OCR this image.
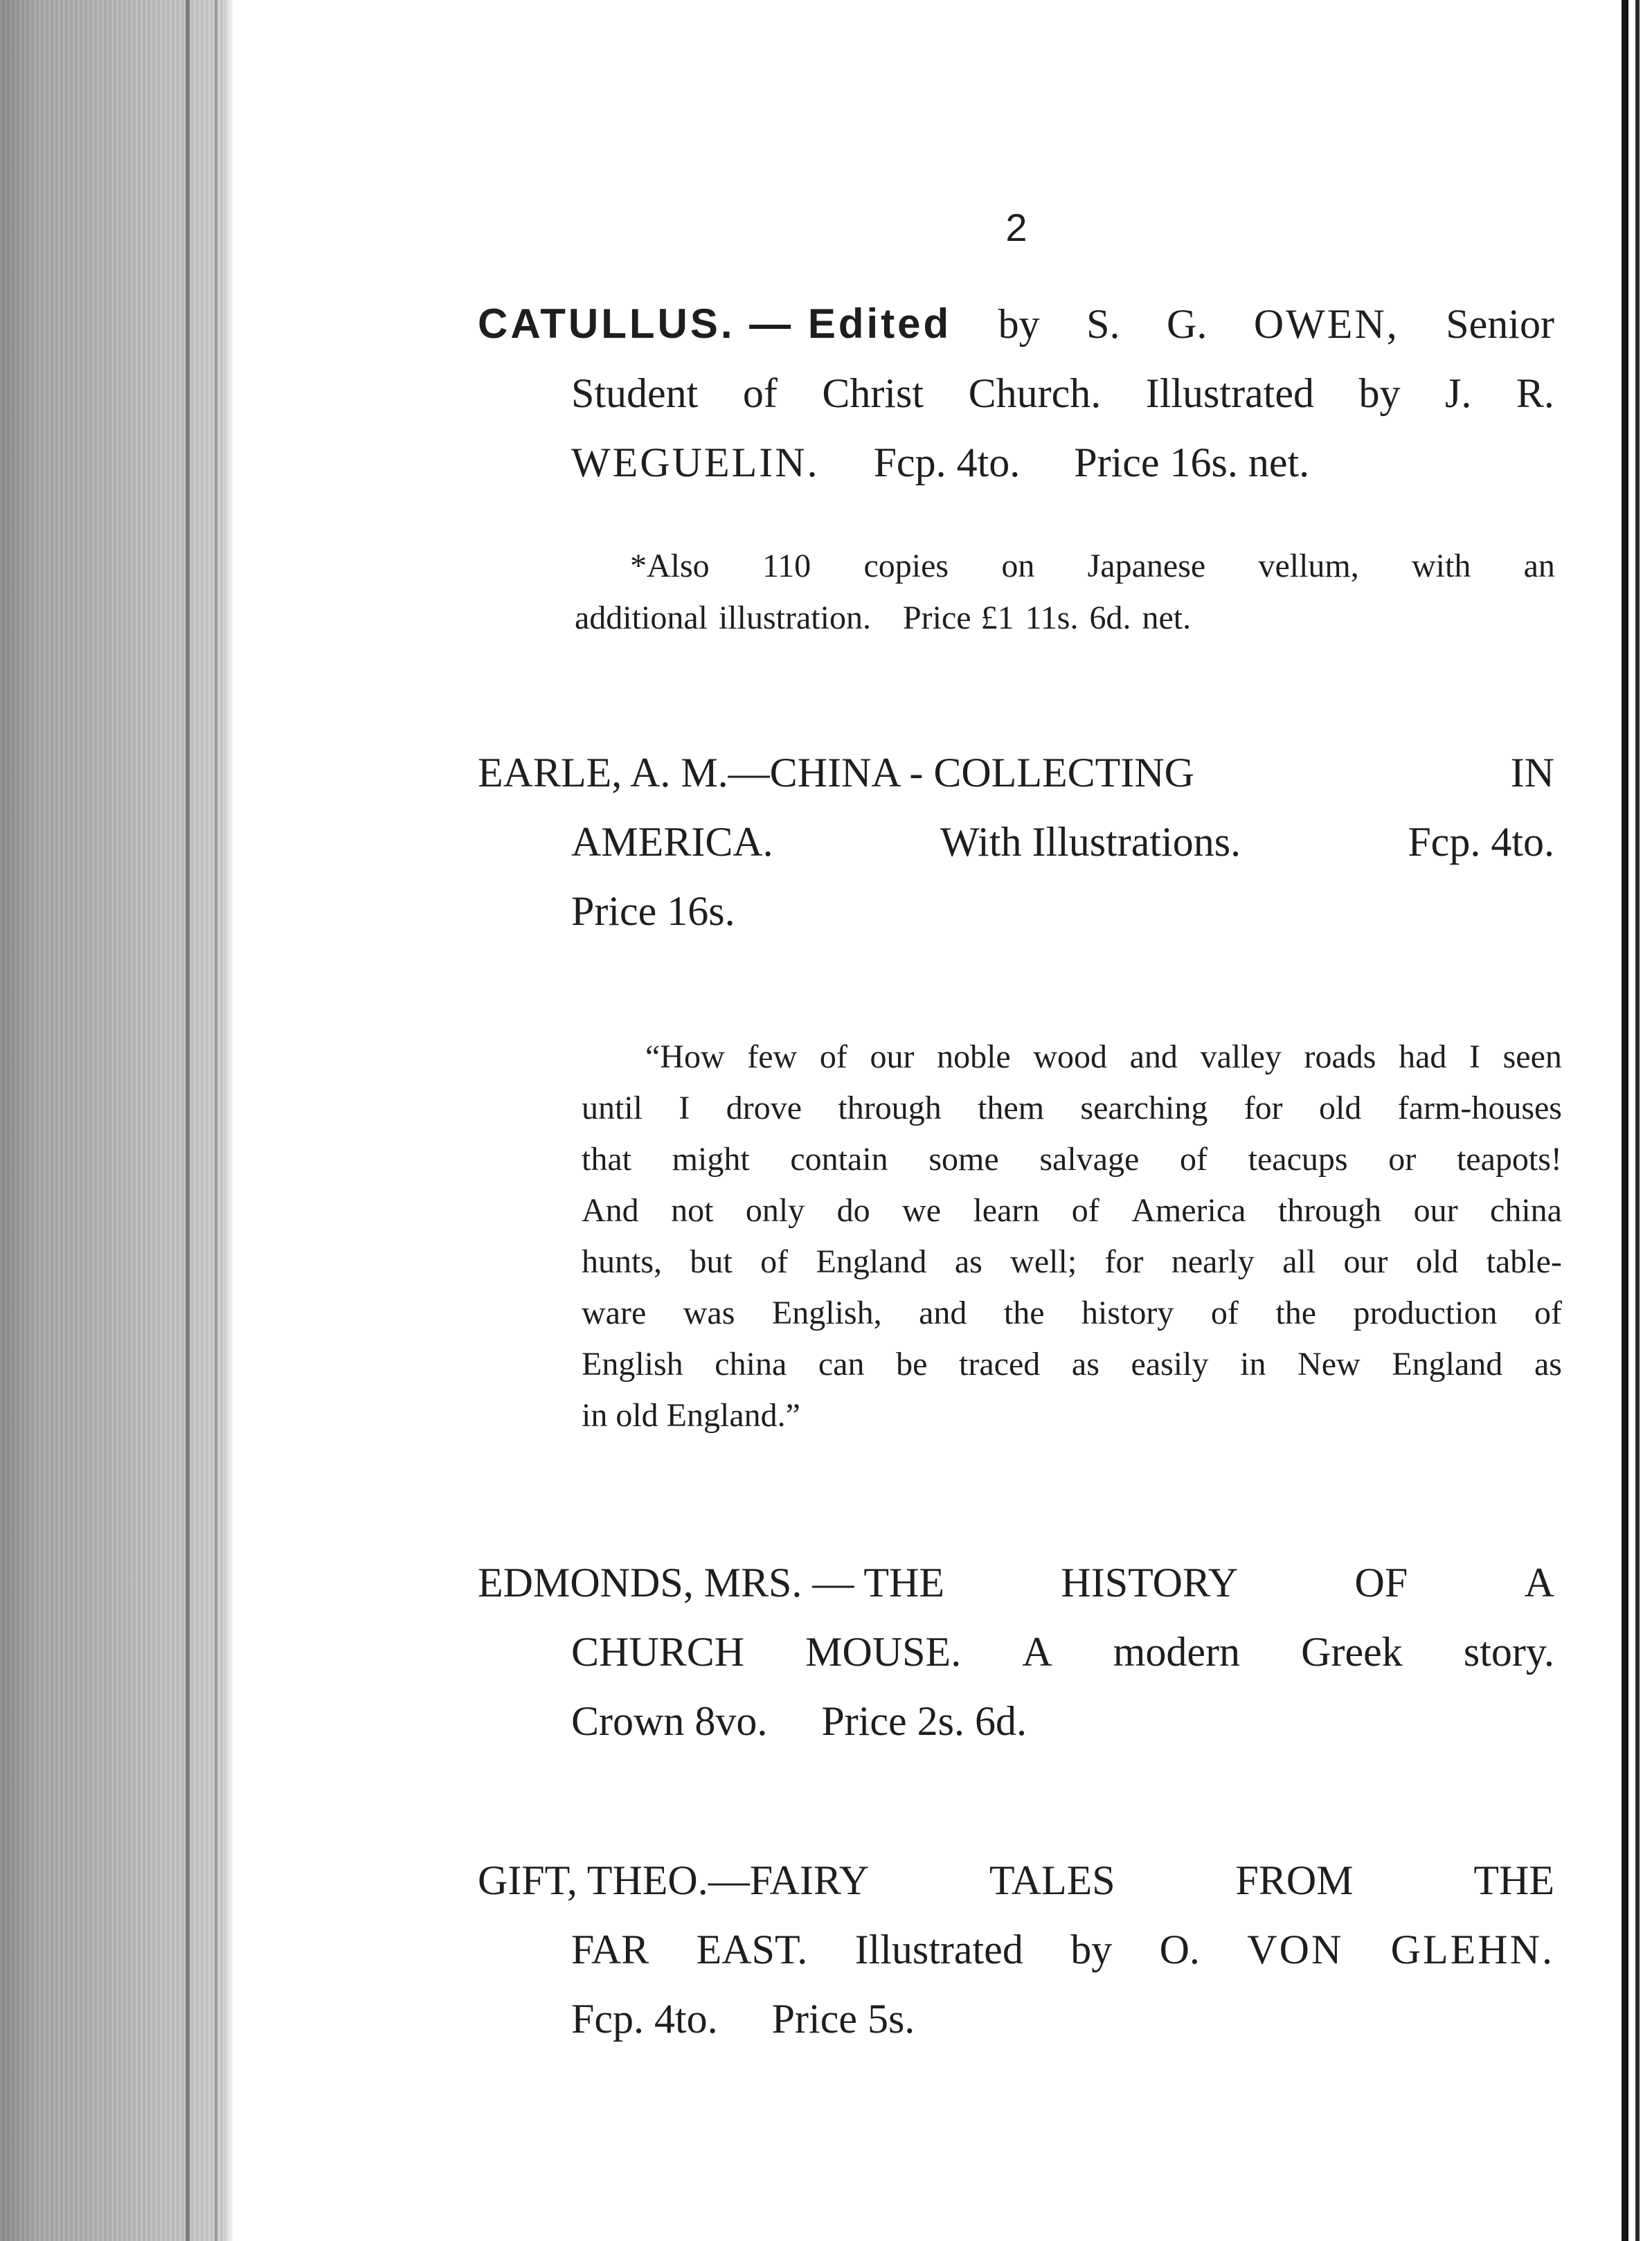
2
CATULLUS. — Edited by S. G. OWEN, Senior
Student of Christ Church. Illustrated by J. R.
WEGUELIN. Fcp. 4to. Price 16s. net.
*Also 110 copies on Japanese vellum, with an
additional illustration. Price £1 11s. 6d. net.
EARLE, A. M.—CHINA - COLLECTING	IN
AMERICA.	With Illustrations.	Fcp. 4to.
Price 16s.
“How few of our noble wood and valley roads had I seen
until I drove through them searching for old farm-houses
that might contain some salvage of teacups or teapots!
And not only do we learn of America through our china
hunts, but of England as well; for nearly all our old table-
ware was English, and the history of the production of
English china can be traced as easily in New England as
in old England.”
EDMONDS, MRS. — THE	HISTORY	OF	A
CHURCH MOUSE. A modern Greek story.
Crown 8vo. Price 2s. 6d.
GIFT, THEO.—FAIRY	TALES	FROM	THE
FAR EAST. Illustrated by O. VON GLEHN.
Fcp. 4to. Price 5s.
